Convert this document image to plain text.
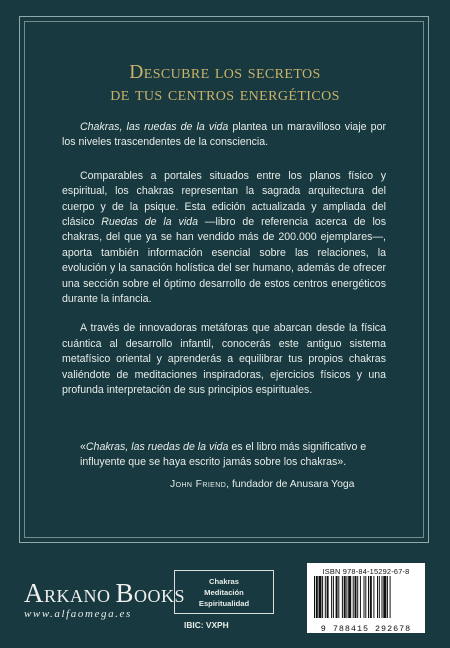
Descubre los secretos
de tus centros energéticos

Chakras, las ruedas de la vida plantea un maravilloso viaje por los niveles trascendentes de la consciencia.

Comparables a portales situados entre los planos físico y espiritual, los chakras representan la sagrada arquitectura del cuerpo y de la psique. Esta edición actualizada y ampliada del clásico Ruedas de la vida —libro de referencia acerca de los chakras, del que ya se han vendido más de 200.000 ejemplares—, aporta también información esencial sobre las relaciones, la evolución y la sanación holística del ser humano, además de ofrecer una sección sobre el óptimo desarrollo de estos centros energéticos durante la infancia.

A través de innovadoras metáforas que abarcan desde la física cuántica al desarrollo infantil, conocerás este antiguo sistema metafísico oriental y aprenderás a equilibrar tus propios chakras valiéndote de meditaciones inspiradoras, ejercicios físicos y una profunda interpretación de sus principios espirituales.

«Chakras, las ruedas de la vida es el libro más significativo e influyente que se haya escrito jamás sobre los chakras».
John Friend, fundador de Anusara Yoga
ARKANO BOOKS
www.alfaomega.es
Chakras
Meditación
Espiritualidad
IBIC: VXPH
ISBN 978-84-15292-67-8
9 788415 292678
